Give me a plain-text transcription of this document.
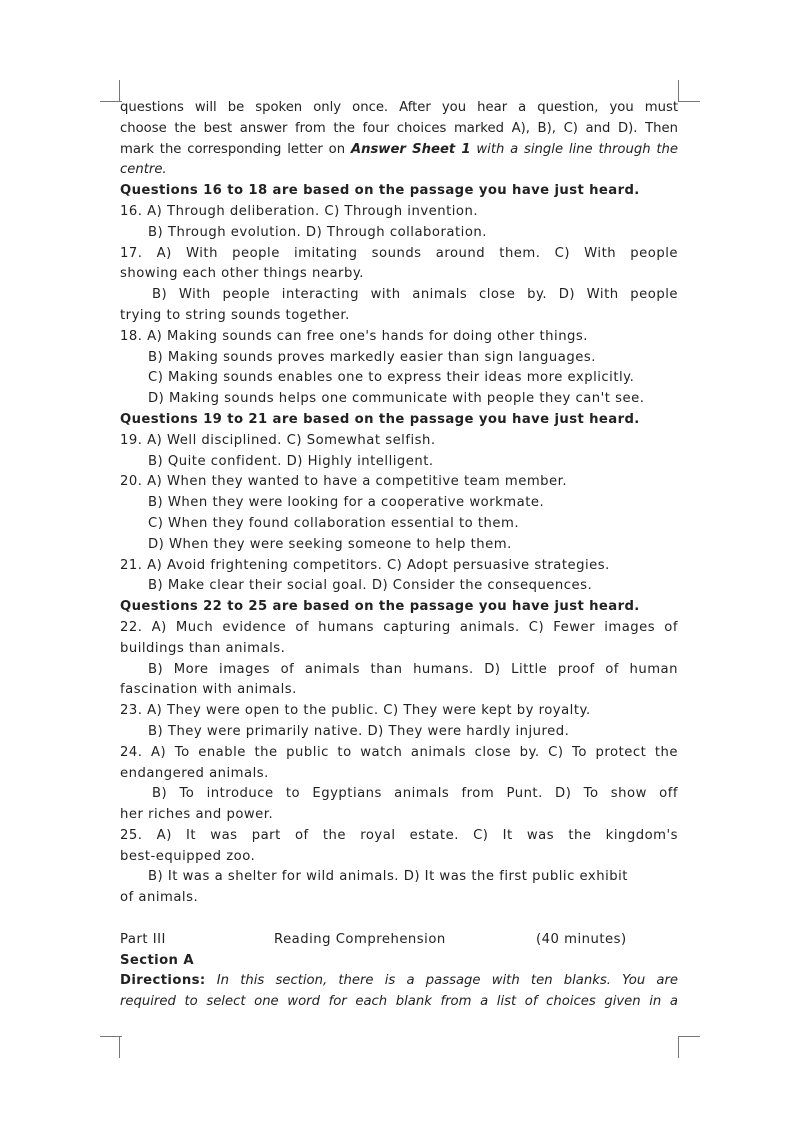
questions will be spoken only once. After you hear a question, you must
choose the best answer from the four choices marked A), B), C) and D). Then
mark the corresponding letter on Answer Sheet 1 with a single line through the
centre.
Questions 16 to 18 are based on the passage you have just heard.
16. A) Through deliberation. C) Through invention.
B) Through evolution. D) Through collaboration.
17. A) With people imitating sounds around them. C) With people
showing each other things nearby.
B) With people interacting with animals close by. D) With people
trying to string sounds together.
18. A) Making sounds can free one's hands for doing other things.
B) Making sounds proves markedly easier than sign languages.
C) Making sounds enables one to express their ideas more explicitly.
D) Making sounds helps one communicate with people they can't see.
Questions 19 to 21 are based on the passage you have just heard.
19. A) Well disciplined. C) Somewhat selfish.
B) Quite confident. D) Highly intelligent.
20. A) When they wanted to have a competitive team member.
B) When they were looking for a cooperative workmate.
C) When they found collaboration essential to them.
D) When they were seeking someone to help them.
21. A) Avoid frightening competitors. C) Adopt persuasive strategies.
B) Make clear their social goal. D) Consider the consequences.
Questions 22 to 25 are based on the passage you have just heard.
22. A) Much evidence of humans capturing animals. C) Fewer images of
buildings than animals.
B) More images of animals than humans. D) Little proof of human
fascination with animals.
23. A) They were open to the public. C) They were kept by royalty.
B) They were primarily native. D) They were hardly injured.
24. A) To enable the public to watch animals close by. C) To protect the
endangered animals.
B) To introduce to Egyptians animals from Punt. D) To show off
her riches and power.
25. A) It was part of the royal estate. C) It was the kingdom's
best-equipped zoo.
B) It was a shelter for wild animals. D) It was the first public exhibit
of animals.
Part III	Reading Comprehension	(40 minutes)
Section A
Directions: In this section, there is a passage with ten blanks. You are
required to select one word for each blank from a list of choices given in a
